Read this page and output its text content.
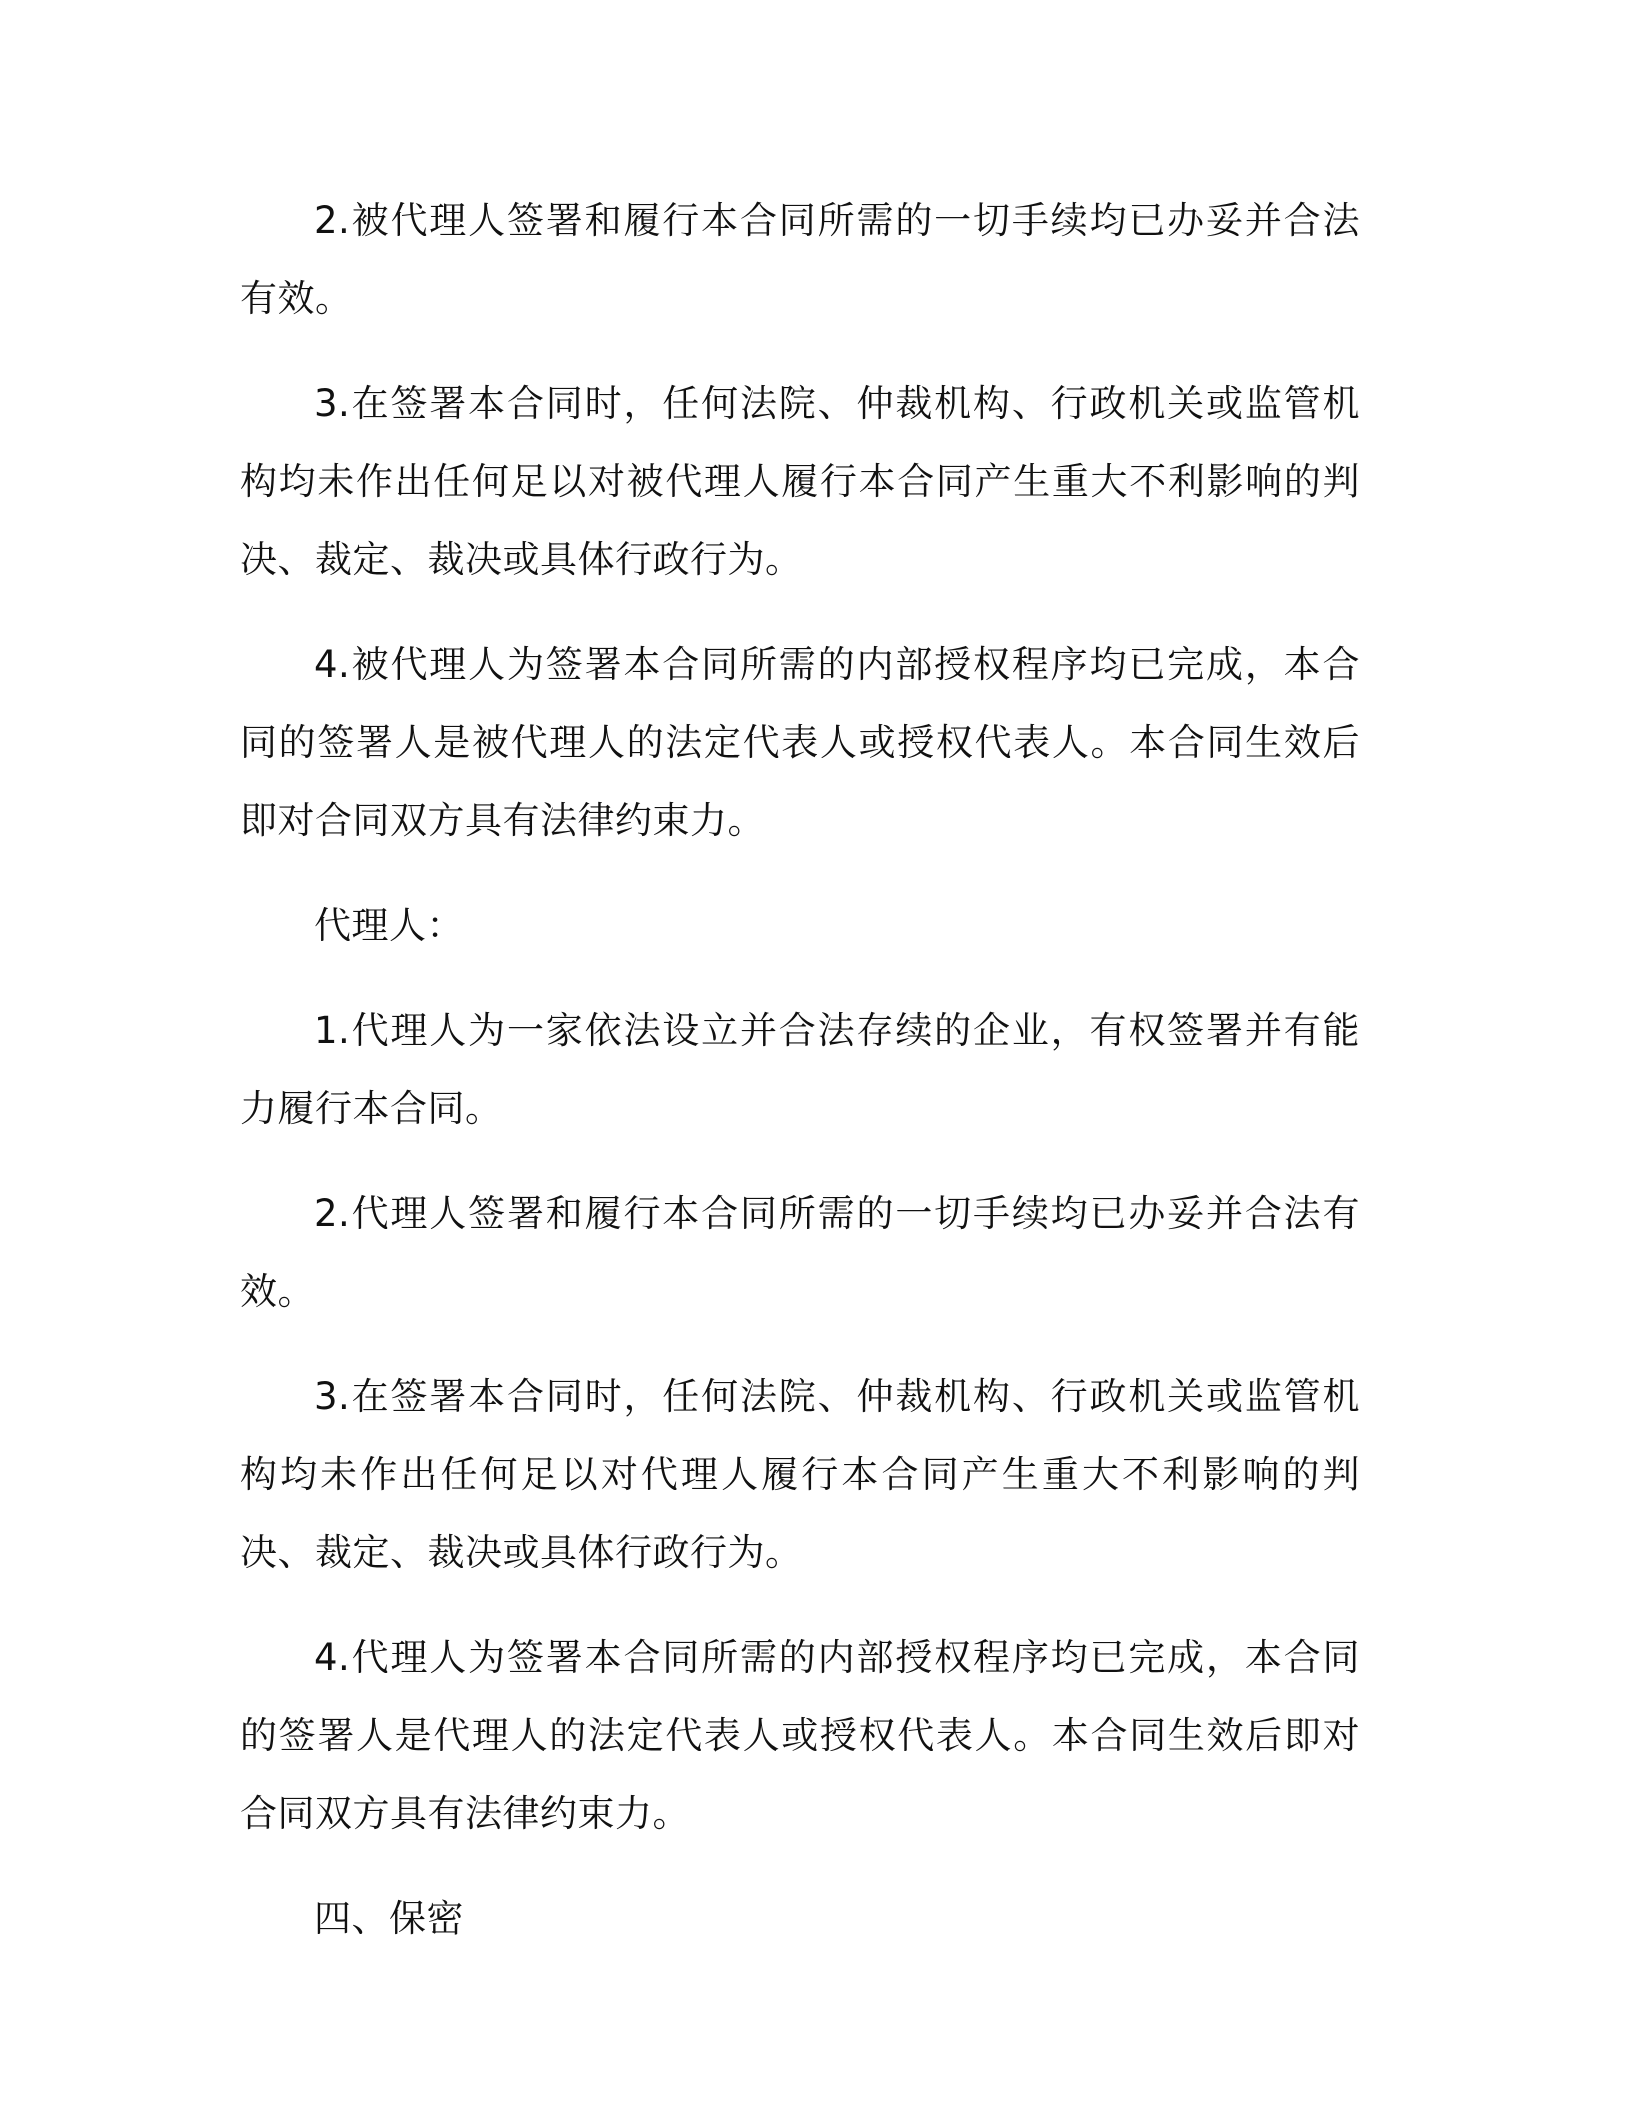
2.被代理人签署和履行本合同所需的一切手续均已办妥并合法有效。

3.在签署本合同时，任何法院、仲裁机构、行政机关或监管机构均未作出任何足以对被代理人履行本合同产生重大不利影响的判决、裁定、裁决或具体行政行为。

4.被代理人为签署本合同所需的内部授权程序均已完成，本合同的签署人是被代理人的法定代表人或授权代表人。本合同生效后即对合同双方具有法律约束力。

代理人：

1.代理人为一家依法设立并合法存续的企业，有权签署并有能力履行本合同。

2.代理人签署和履行本合同所需的一切手续均已办妥并合法有效。

3.在签署本合同时，任何法院、仲裁机构、行政机关或监管机构均未作出任何足以对代理人履行本合同产生重大不利影响的判决、裁定、裁决或具体行政行为。

4.代理人为签署本合同所需的内部授权程序均已完成，本合同的签署人是代理人的法定代表人或授权代表人。本合同生效后即对合同双方具有法律约束力。

四、保密
